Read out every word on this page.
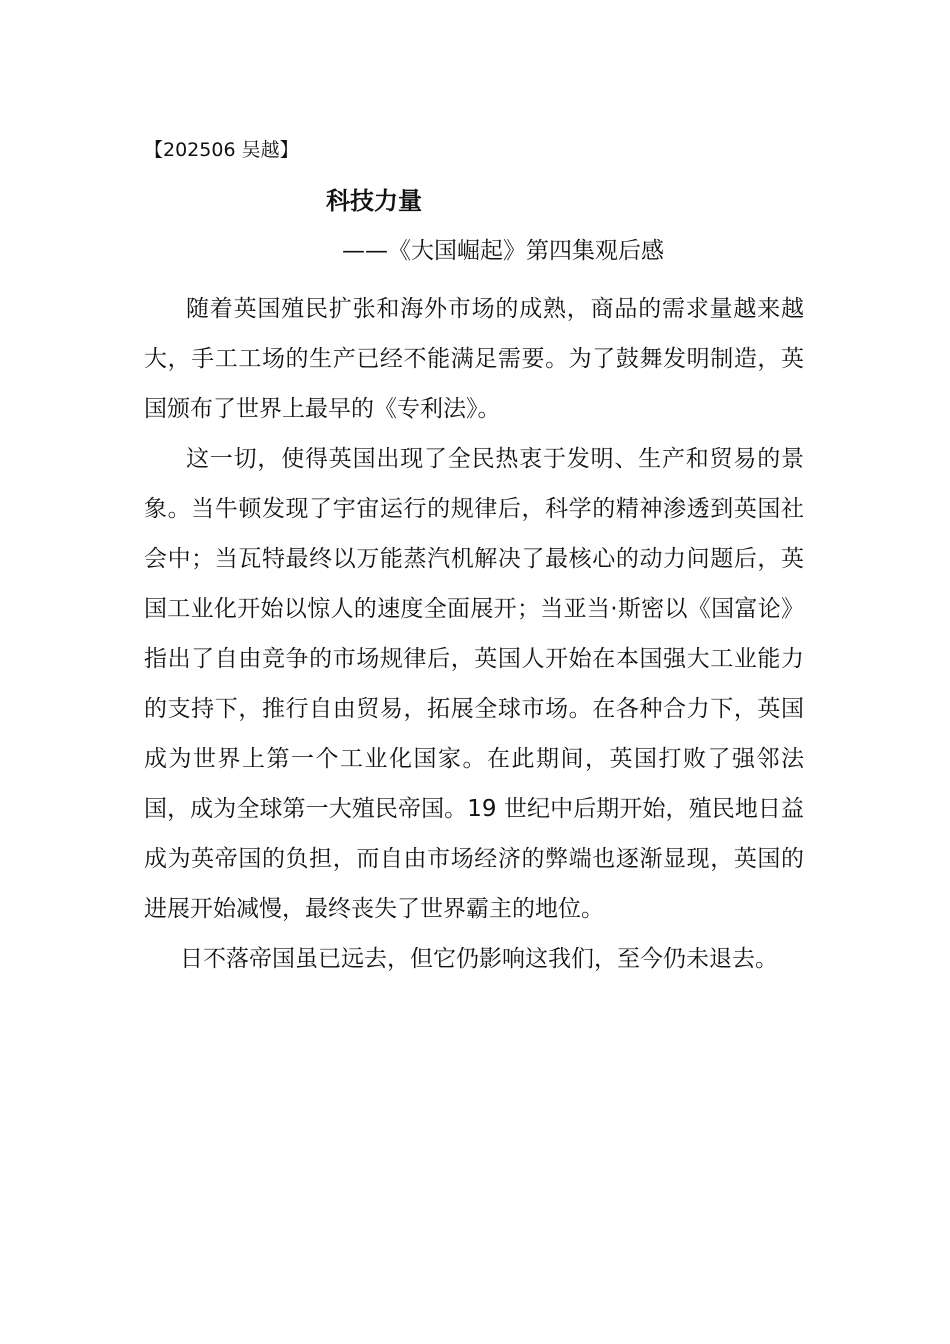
【202506 吴越】
科技力量
——《大国崛起》第四集观后感

随着英国殖民扩张和海外市场的成熟，商品的需求量越来越大，手工工场的生产已经不能满足需要。为了鼓舞发明制造，英国颁布了世界上最早的《专利法》。

这一切，使得英国出现了全民热衷于发明、生产和贸易的景象。当牛顿发现了宇宙运行的规律后，科学的精神渗透到英国社会中；当瓦特最终以万能蒸汽机解决了最核心的动力问题后，英国工业化开始以惊人的速度全面展开；当亚当·斯密以《国富论》指出了自由竞争的市场规律后，英国人开始在本国强大工业能力的支持下，推行自由贸易，拓展全球市场。在各种合力下，英国成为世界上第一个工业化国家。在此期间，英国打败了强邻法国，成为全球第一大殖民帝国。19 世纪中后期开始，殖民地日益成为英帝国的负担，而自由市场经济的弊端也逐渐显现，英国的进展开始减慢，最终丧失了世界霸主的地位。

日不落帝国虽已远去，但它仍影响这我们，至今仍未退去。
